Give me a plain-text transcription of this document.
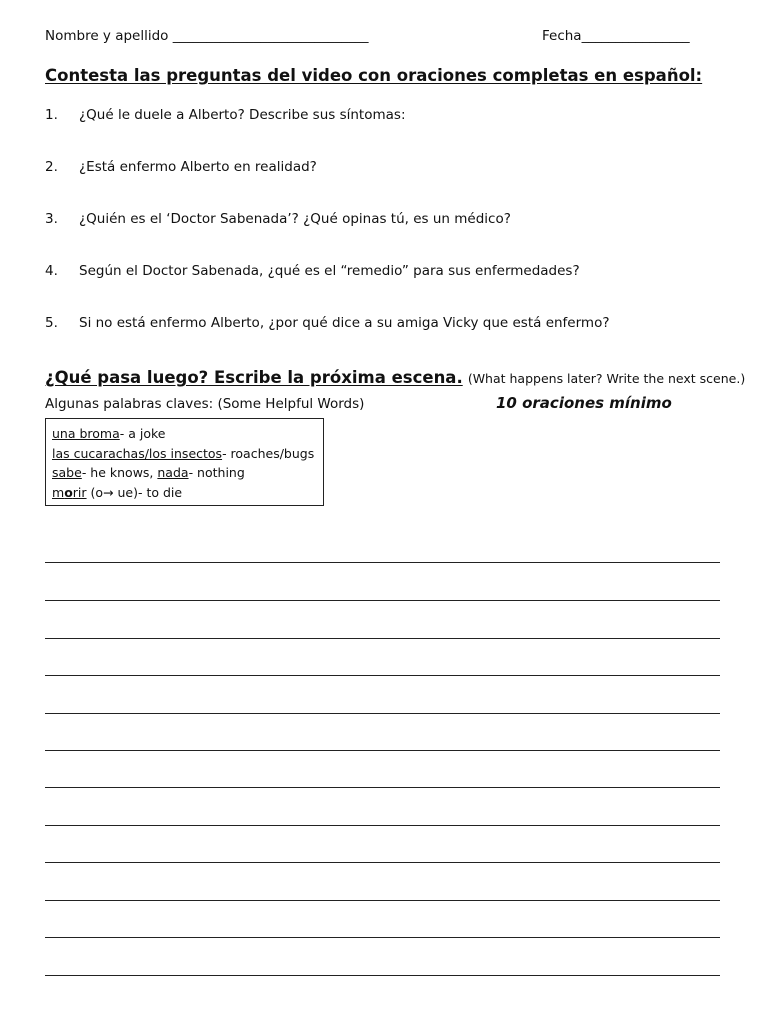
Nombre y apellido _____________________________	Fecha________________
Contesta las preguntas del video con oraciones completas en español:
1. ¿Qué le duele a Alberto? Describe sus síntomas:
2. ¿Está enfermo Alberto en realidad?
3. ¿Quién es el ‘Doctor Sabenada’? ¿Qué opinas tú, es un médico?
4. Según el Doctor Sabenada, ¿qué es el “remedio” para sus enfermedades?
5. Si no está enfermo Alberto, ¿por qué dice a su amiga Vicky que está enfermo?
¿Qué pasa luego? Escribe la próxima escena. (What happens later? Write the next scene.)
Algunas palabras claves: (Some Helpful Words)	10 oraciones mínimo
una broma- a joke
las cucarachas/los insectos- roaches/bugs
sabe- he knows, nada- nothing
morir (o→ ue)- to die
